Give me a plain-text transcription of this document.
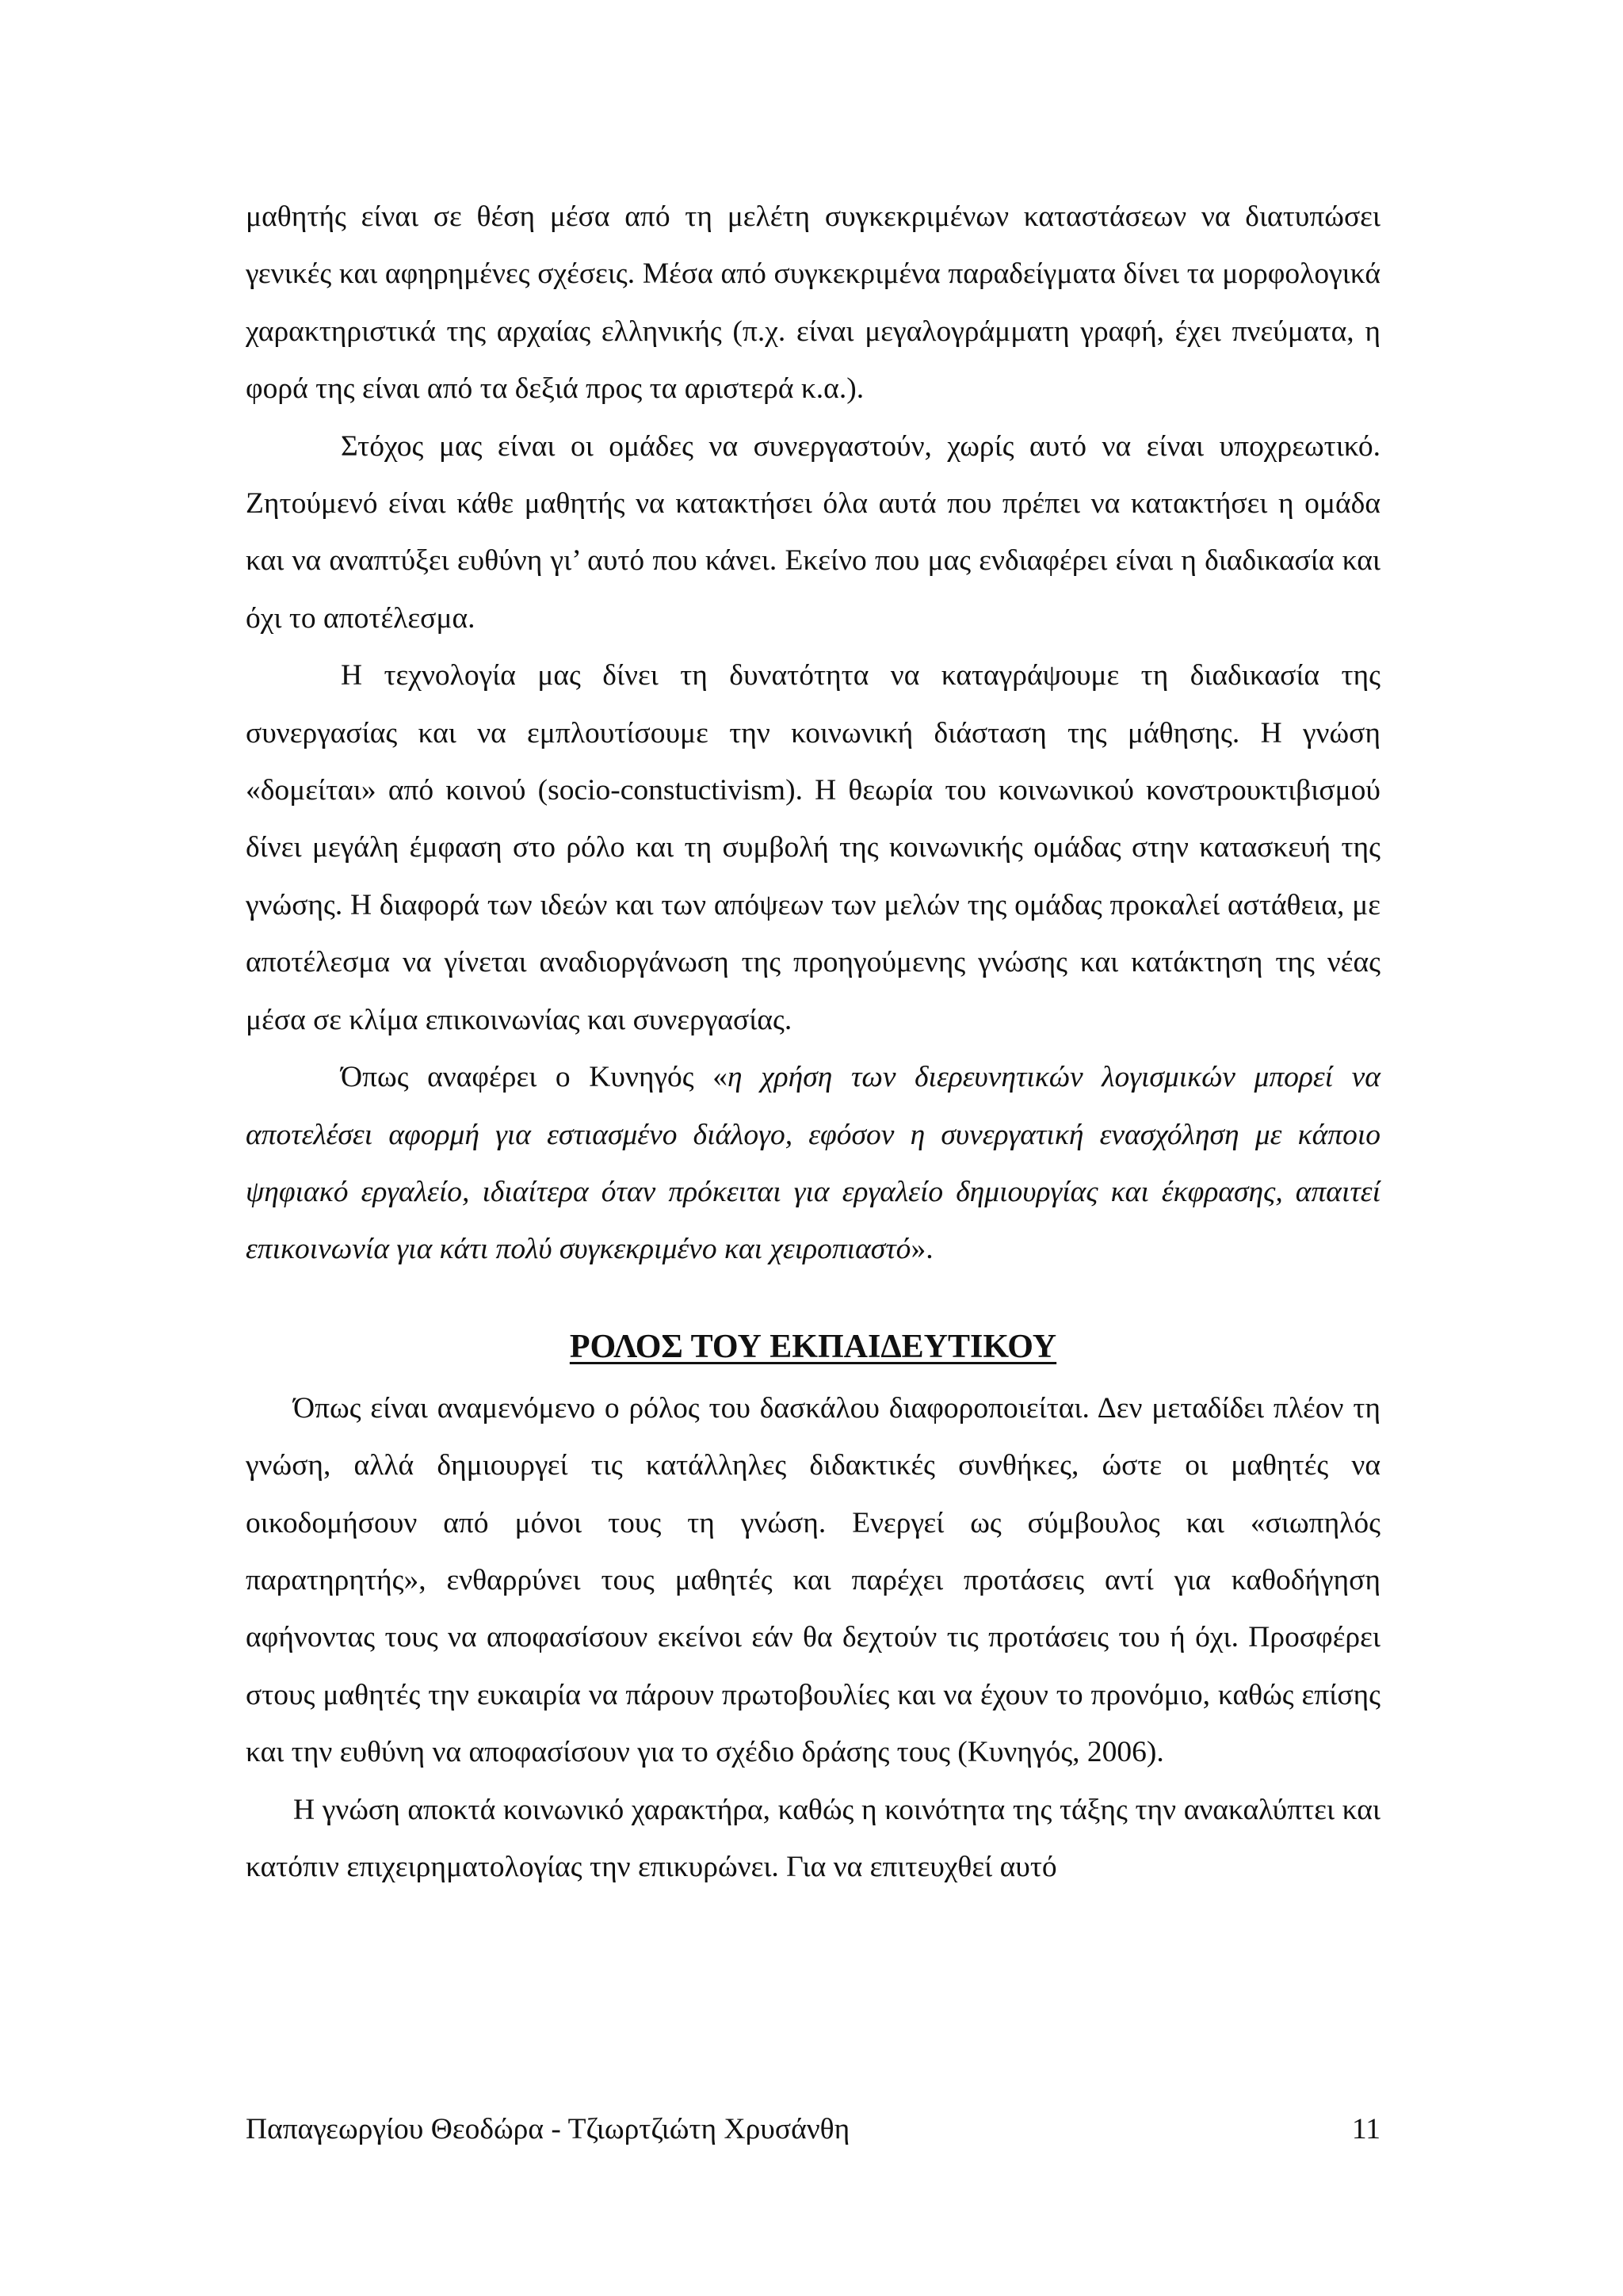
μαθητής είναι σε θέση μέσα από τη μελέτη συγκεκριμένων καταστάσεων να διατυπώσει γενικές και αφηρημένες σχέσεις. Μέσα από συγκεκριμένα παραδείγματα δίνει τα μορφολογικά χαρακτηριστικά της αρχαίας ελληνικής (π.χ. είναι μεγαλογράμματη γραφή, έχει πνεύματα, η φορά της είναι από τα δεξιά προς τα αριστερά κ.α.).

Στόχος μας είναι οι ομάδες να συνεργαστούν, χωρίς αυτό να είναι υποχρεωτικό. Ζητούμενό είναι κάθε μαθητής να κατακτήσει όλα αυτά που πρέπει να κατακτήσει η ομάδα και να αναπτύξει ευθύνη γι’ αυτό που κάνει. Εκείνο που μας ενδιαφέρει είναι η διαδικασία και όχι το αποτέλεσμα.

Η τεχνολογία μας δίνει τη δυνατότητα να καταγράψουμε τη διαδικασία της συνεργασίας και να εμπλουτίσουμε την κοινωνική διάσταση της μάθησης. Η γνώση «δομείται» από κοινού (socio-constuctivism). Η θεωρία του κοινωνικού κονστρουκτιβισμού δίνει μεγάλη έμφαση στο ρόλο και τη συμβολή της κοινωνικής ομάδας στην κατασκευή της γνώσης. Η διαφορά των ιδεών και των απόψεων των μελών της ομάδας προκαλεί αστάθεια, με αποτέλεσμα να γίνεται αναδιοργάνωση της προηγούμενης γνώσης και κατάκτηση της νέας μέσα σε κλίμα επικοινωνίας και συνεργασίας.

Όπως αναφέρει ο Κυνηγός «η χρήση των διερευνητικών λογισμικών μπορεί να αποτελέσει αφορμή για εστιασμένο διάλογο, εφόσον η συνεργατική ενασχόληση με κάποιο ψηφιακό εργαλείο, ιδιαίτερα όταν πρόκειται για εργαλείο δημιουργίας και έκφρασης, απαιτεί επικοινωνία για κάτι πολύ συγκεκριμένο και χειροπιαστό».

ΡΟΛΟΣ ΤΟΥ ΕΚΠΑΙΔΕΥΤΙΚΟΥ

Όπως είναι αναμενόμενο ο ρόλος του δασκάλου διαφοροποιείται. Δεν μεταδίδει πλέον τη γνώση, αλλά δημιουργεί τις κατάλληλες διδακτικές συνθήκες, ώστε οι μαθητές να οικοδομήσουν από μόνοι τους τη γνώση. Ενεργεί ως σύμβουλος και «σιωπηλός παρατηρητής», ενθαρρύνει τους μαθητές και παρέχει προτάσεις αντί για καθοδήγηση αφήνοντας τους να αποφασίσουν εκείνοι εάν θα δεχτούν τις προτάσεις του ή όχι. Προσφέρει στους μαθητές την ευκαιρία να πάρουν πρωτοβουλίες και να έχουν το προνόμιο, καθώς επίσης και την ευθύνη να αποφασίσουν για το σχέδιο δράσης τους (Κυνηγός, 2006).

Η γνώση αποκτά κοινωνικό χαρακτήρα, καθώς η κοινότητα της τάξης την ανακαλύπτει και κατόπιν επιχειρηματολογίας την επικυρώνει. Για να επιτευχθεί αυτό

Παπαγεωργίου Θεοδώρα - Τζιωρτζιώτη Χρυσάνθη	11
